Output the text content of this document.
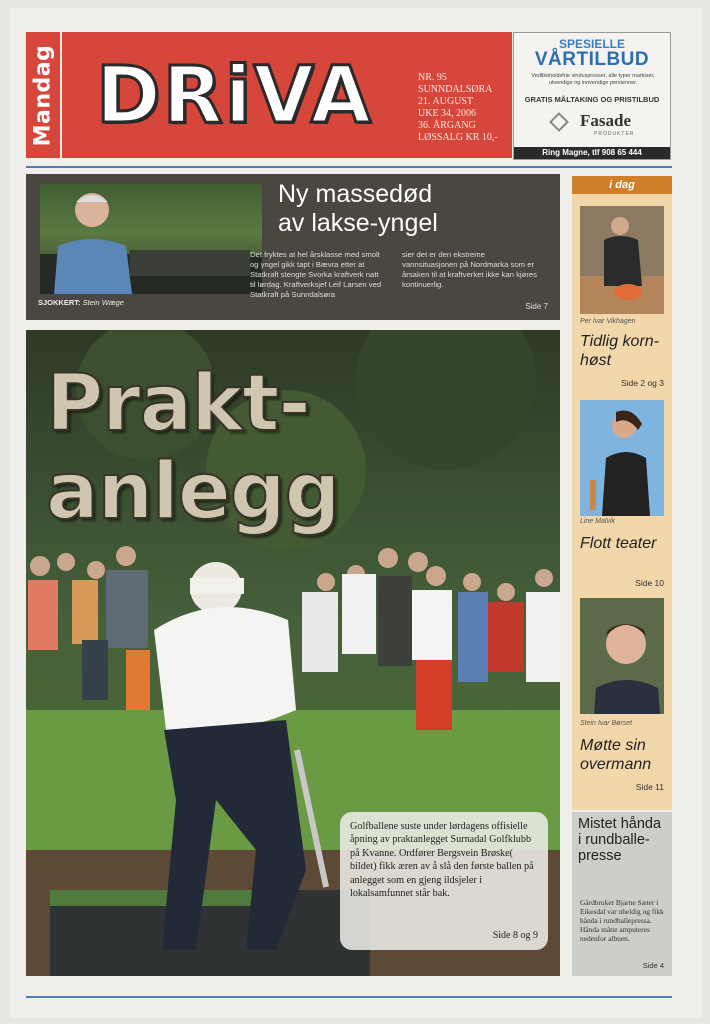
Mandag DRiVA	NR. 95
SUNNDALSØRA
21. AUGUST
UKE 34, 2006
36. ÅRGANG
LØSSALG KR 10,-
SPESIELLE
VÅRTILBUD
Vedlikeholdsfrie vindusprosser, alle typer markiser, utvendige og innvendige persienner.
GRATIS MÅLTAKING OG PRISTILBUD
Fasade
PRODUKTER
Ring Magne, tlf 908 65 444
SJOKKERT: Stein Wæge
Ny massedød
av lakse-yngel
Det fryktes at hel årsklasse med smolt og yngel gikk tapt i Bævra etter at Statkraft stengte Svorka kraftverk natt til lørdag. Kraftverksjef Leif Larsen ved Statkraft på Sunndalsøra
sier det er den ekstreme vannsituasjonen på Nordmarka som er årsaken til at kraftverket ikke kan kjøres kontinuerlig.
Side 7
Prakt-
anlegg
Golfballene suste under lørdagens offisielle åpning av praktanlegget Surnadal Golfklubb på Kvanne. Ordfører Bergsvein Brøske( bildet) fikk æren av å slå den første ballen på anlegget som en gjeng ildsjeler i lokalsamfunnet står bak.
Side 8 og 9
i dag
Per Ivar Vikhagen
Tidlig korn-høst
Side 2 og 3
Line Malvik
Flott teater
Side 10
Stein Ivar Børset
Møtte sin overmann
Side 11
Mistet hånda i rundballe-presse

Gårdbruker Bjarne Sæter i Eikesdal var uheldig og fikk hånda i rundballepressa. Hånda måtte amputeres nedenfor albuen.

Side 4
